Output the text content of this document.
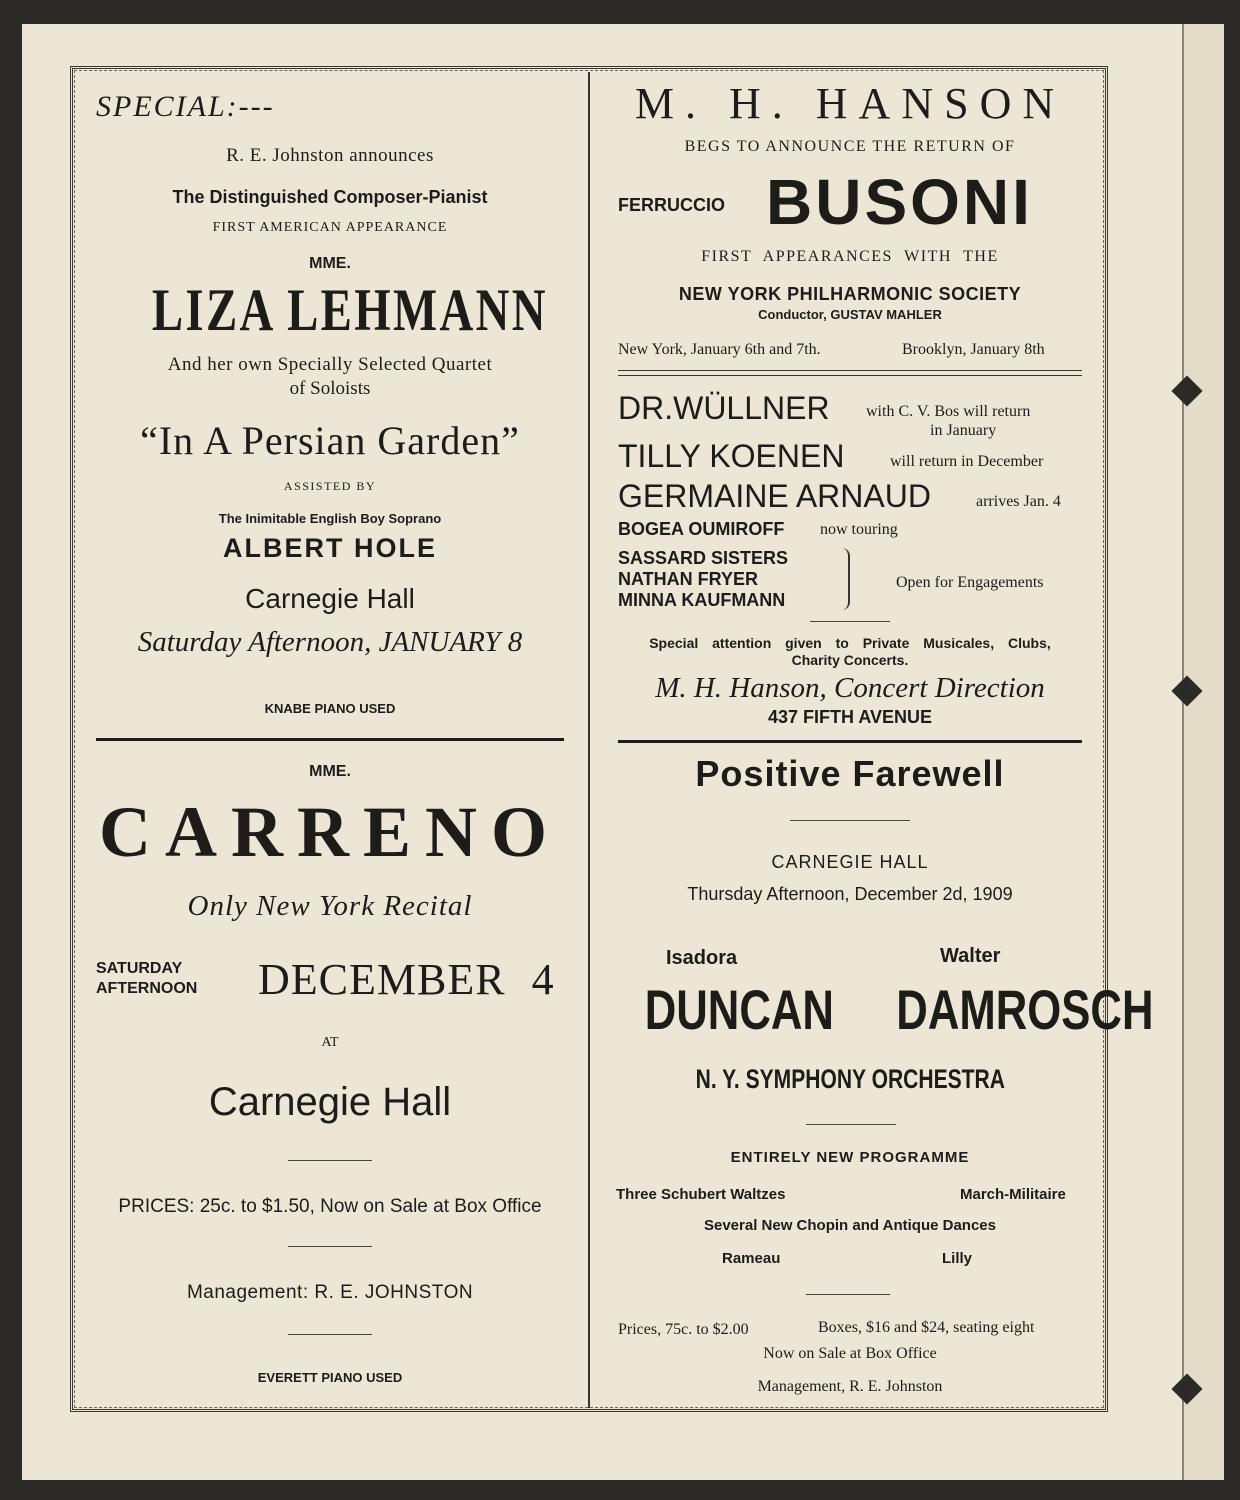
SPECIAL:---
R. E. Johnston announces
The Distinguished Composer-Pianist
FIRST AMERICAN APPEARANCE
MME.
LIZA LEHMANN
And her own Specially Selected Quartet
of Soloists
“In A Persian Garden”
ASSISTED BY
The Inimitable English Boy Soprano
ALBERT HOLE
Carnegie Hall
Saturday Afternoon, JANUARY 8
KNABE PIANO USED
MME.
CARRENO
Only New York Recital
SATURDAY
AFTERNOON DECEMBER 4
AT
Carnegie Hall
PRICES: 25c. to $1.50, Now on Sale at Box Office
Management: R. E. JOHNSTON
EVERETT PIANO USED
M. H. HANSON
BEGS TO ANNOUNCE THE RETURN OF
FERRUCCIO BUSONI
FIRST APPEARANCES WITH THE
NEW YORK PHILHARMONIC SOCIETY
Conductor, GUSTAV MAHLER
New York, January 6th and 7th.	Brooklyn, January 8th
DR.WÜLLNER with C. V. Bos will return
in January
TILLY KOENEN	will return in December
GERMAINE ARNAUD	arrives Jan. 4
BOGEA OUMIROFF now touring
SASSARD SISTERS
NATHAN FRYER
MINNA KAUFMANN
Open for Engagements
Special attention given to Private Musicales, Clubs,
Charity Concerts.
M. H. Hanson, Concert Direction
437 FIFTH AVENUE
Positive Farewell
CARNEGIE HALL
Thursday Afternoon, December 2d, 1909
Isadora	Walter
DUNCAN	DAMROSCH
N. Y. SYMPHONY ORCHESTRA
ENTIRELY NEW PROGRAMME
Three Schubert Waltzes	March-Militaire
Several New Chopin and Antique Dances
Rameau	Lilly
Prices, 75c. to $2.00	Boxes, $16 and $24, seating eight
Now on Sale at Box Office
Management, R. E. Johnston
